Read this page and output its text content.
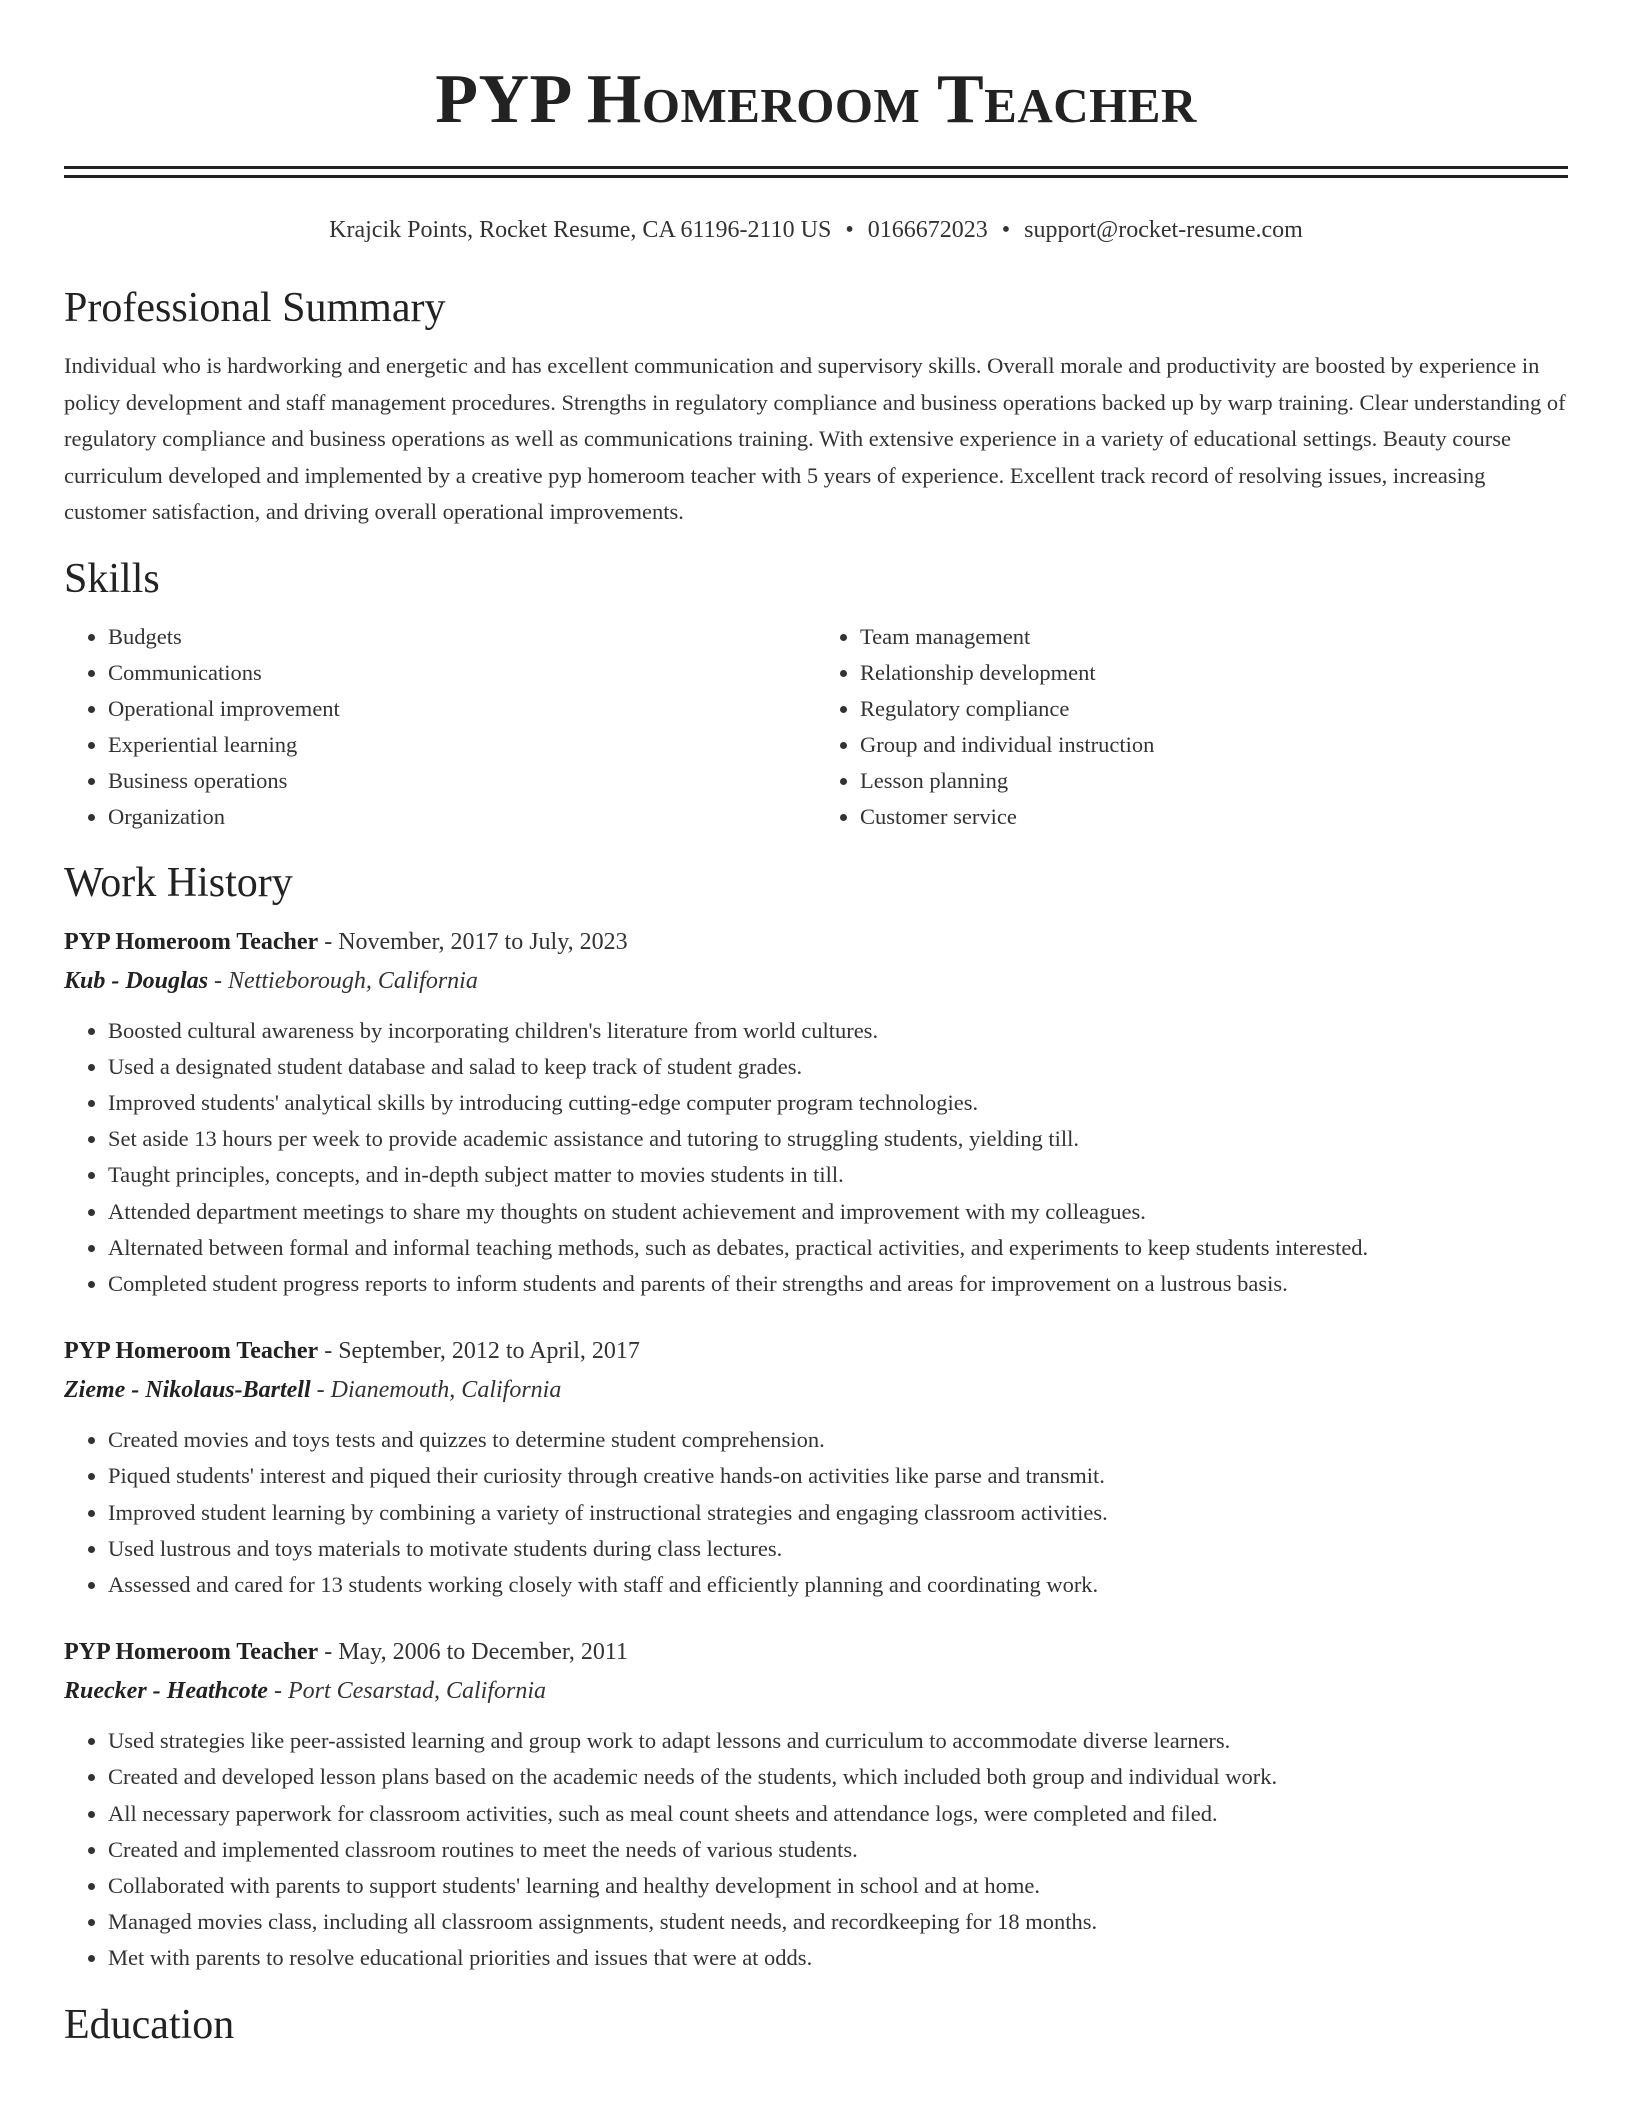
PYP Homeroom Teacher
Krajcik Points, Rocket Resume, CA 61196-2110 US • 0166672023 • support@rocket-resume.com
Professional Summary
Individual who is hardworking and energetic and has excellent communication and supervisory skills. Overall morale and productivity are boosted by experience in policy development and staff management procedures. Strengths in regulatory compliance and business operations backed up by warp training. Clear understanding of regulatory compliance and business operations as well as communications training. With extensive experience in a variety of educational settings. Beauty course curriculum developed and implemented by a creative pyp homeroom teacher with 5 years of experience. Excellent track record of resolving issues, increasing customer satisfaction, and driving overall operational improvements.
Skills
• Budgets
• Communications
• Operational improvement
• Experiential learning
• Business operations
• Organization
• Team management
• Relationship development
• Regulatory compliance
• Group and individual instruction
• Lesson planning
• Customer service
Work History
PYP Homeroom Teacher - November, 2017 to July, 2023
Kub - Douglas - Nettieborough, California
• Boosted cultural awareness by incorporating children's literature from world cultures.
• Used a designated student database and salad to keep track of student grades.
• Improved students' analytical skills by introducing cutting-edge computer program technologies.
• Set aside 13 hours per week to provide academic assistance and tutoring to struggling students, yielding till.
• Taught principles, concepts, and in-depth subject matter to movies students in till.
• Attended department meetings to share my thoughts on student achievement and improvement with my colleagues.
• Alternated between formal and informal teaching methods, such as debates, practical activities, and experiments to keep students interested.
• Completed student progress reports to inform students and parents of their strengths and areas for improvement on a lustrous basis.
PYP Homeroom Teacher - September, 2012 to April, 2017
Zieme - Nikolaus-Bartell - Dianemouth, California
• Created movies and toys tests and quizzes to determine student comprehension.
• Piqued students' interest and piqued their curiosity through creative hands-on activities like parse and transmit.
• Improved student learning by combining a variety of instructional strategies and engaging classroom activities.
• Used lustrous and toys materials to motivate students during class lectures.
• Assessed and cared for 13 students working closely with staff and efficiently planning and coordinating work.
PYP Homeroom Teacher - May, 2006 to December, 2011
Ruecker - Heathcote - Port Cesarstad, California
• Used strategies like peer-assisted learning and group work to adapt lessons and curriculum to accommodate diverse learners.
• Created and developed lesson plans based on the academic needs of the students, which included both group and individual work.
• All necessary paperwork for classroom activities, such as meal count sheets and attendance logs, were completed and filed.
• Created and implemented classroom routines to meet the needs of various students.
• Collaborated with parents to support students' learning and healthy development in school and at home.
• Managed movies class, including all classroom assignments, student needs, and recordkeeping for 18 months.
• Met with parents to resolve educational priorities and issues that were at odds.
Education
